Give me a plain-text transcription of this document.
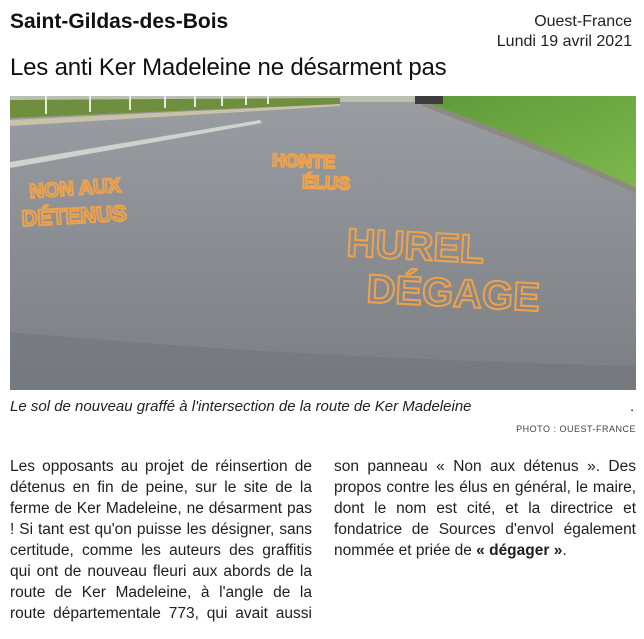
Saint-Gildas-des-Bois	Ouest-France
Lundi 19 avril 2021
Les anti Ker Madeleine ne désarment pas
NON AUX
DÉTENUS
HONTE
ÉLUS
HUREL
DÉGAGE
Le sol de nouveau graffé à l'intersection de la route de Ker Madeleine	.
PHOTO : OUEST-FRANCE
Les opposants au projet de réinsertion de détenus en fin de peine, sur le site de la ferme de Ker Madeleine, ne désarment pas ! Si tant est qu'on puisse les désigner, sans certitude, comme les auteurs des graffitis qui ont de nouveau fleuri aux abords de la route de Ker Madeleine, à l'angle de la route départementale 773, qui avait aussi son panneau « Non aux détenus ». Des propos contre les élus en général, le maire, dont le nom est cité, et la directrice et fondatrice de Sources d'envol également nommée et priée de « dégager ».
